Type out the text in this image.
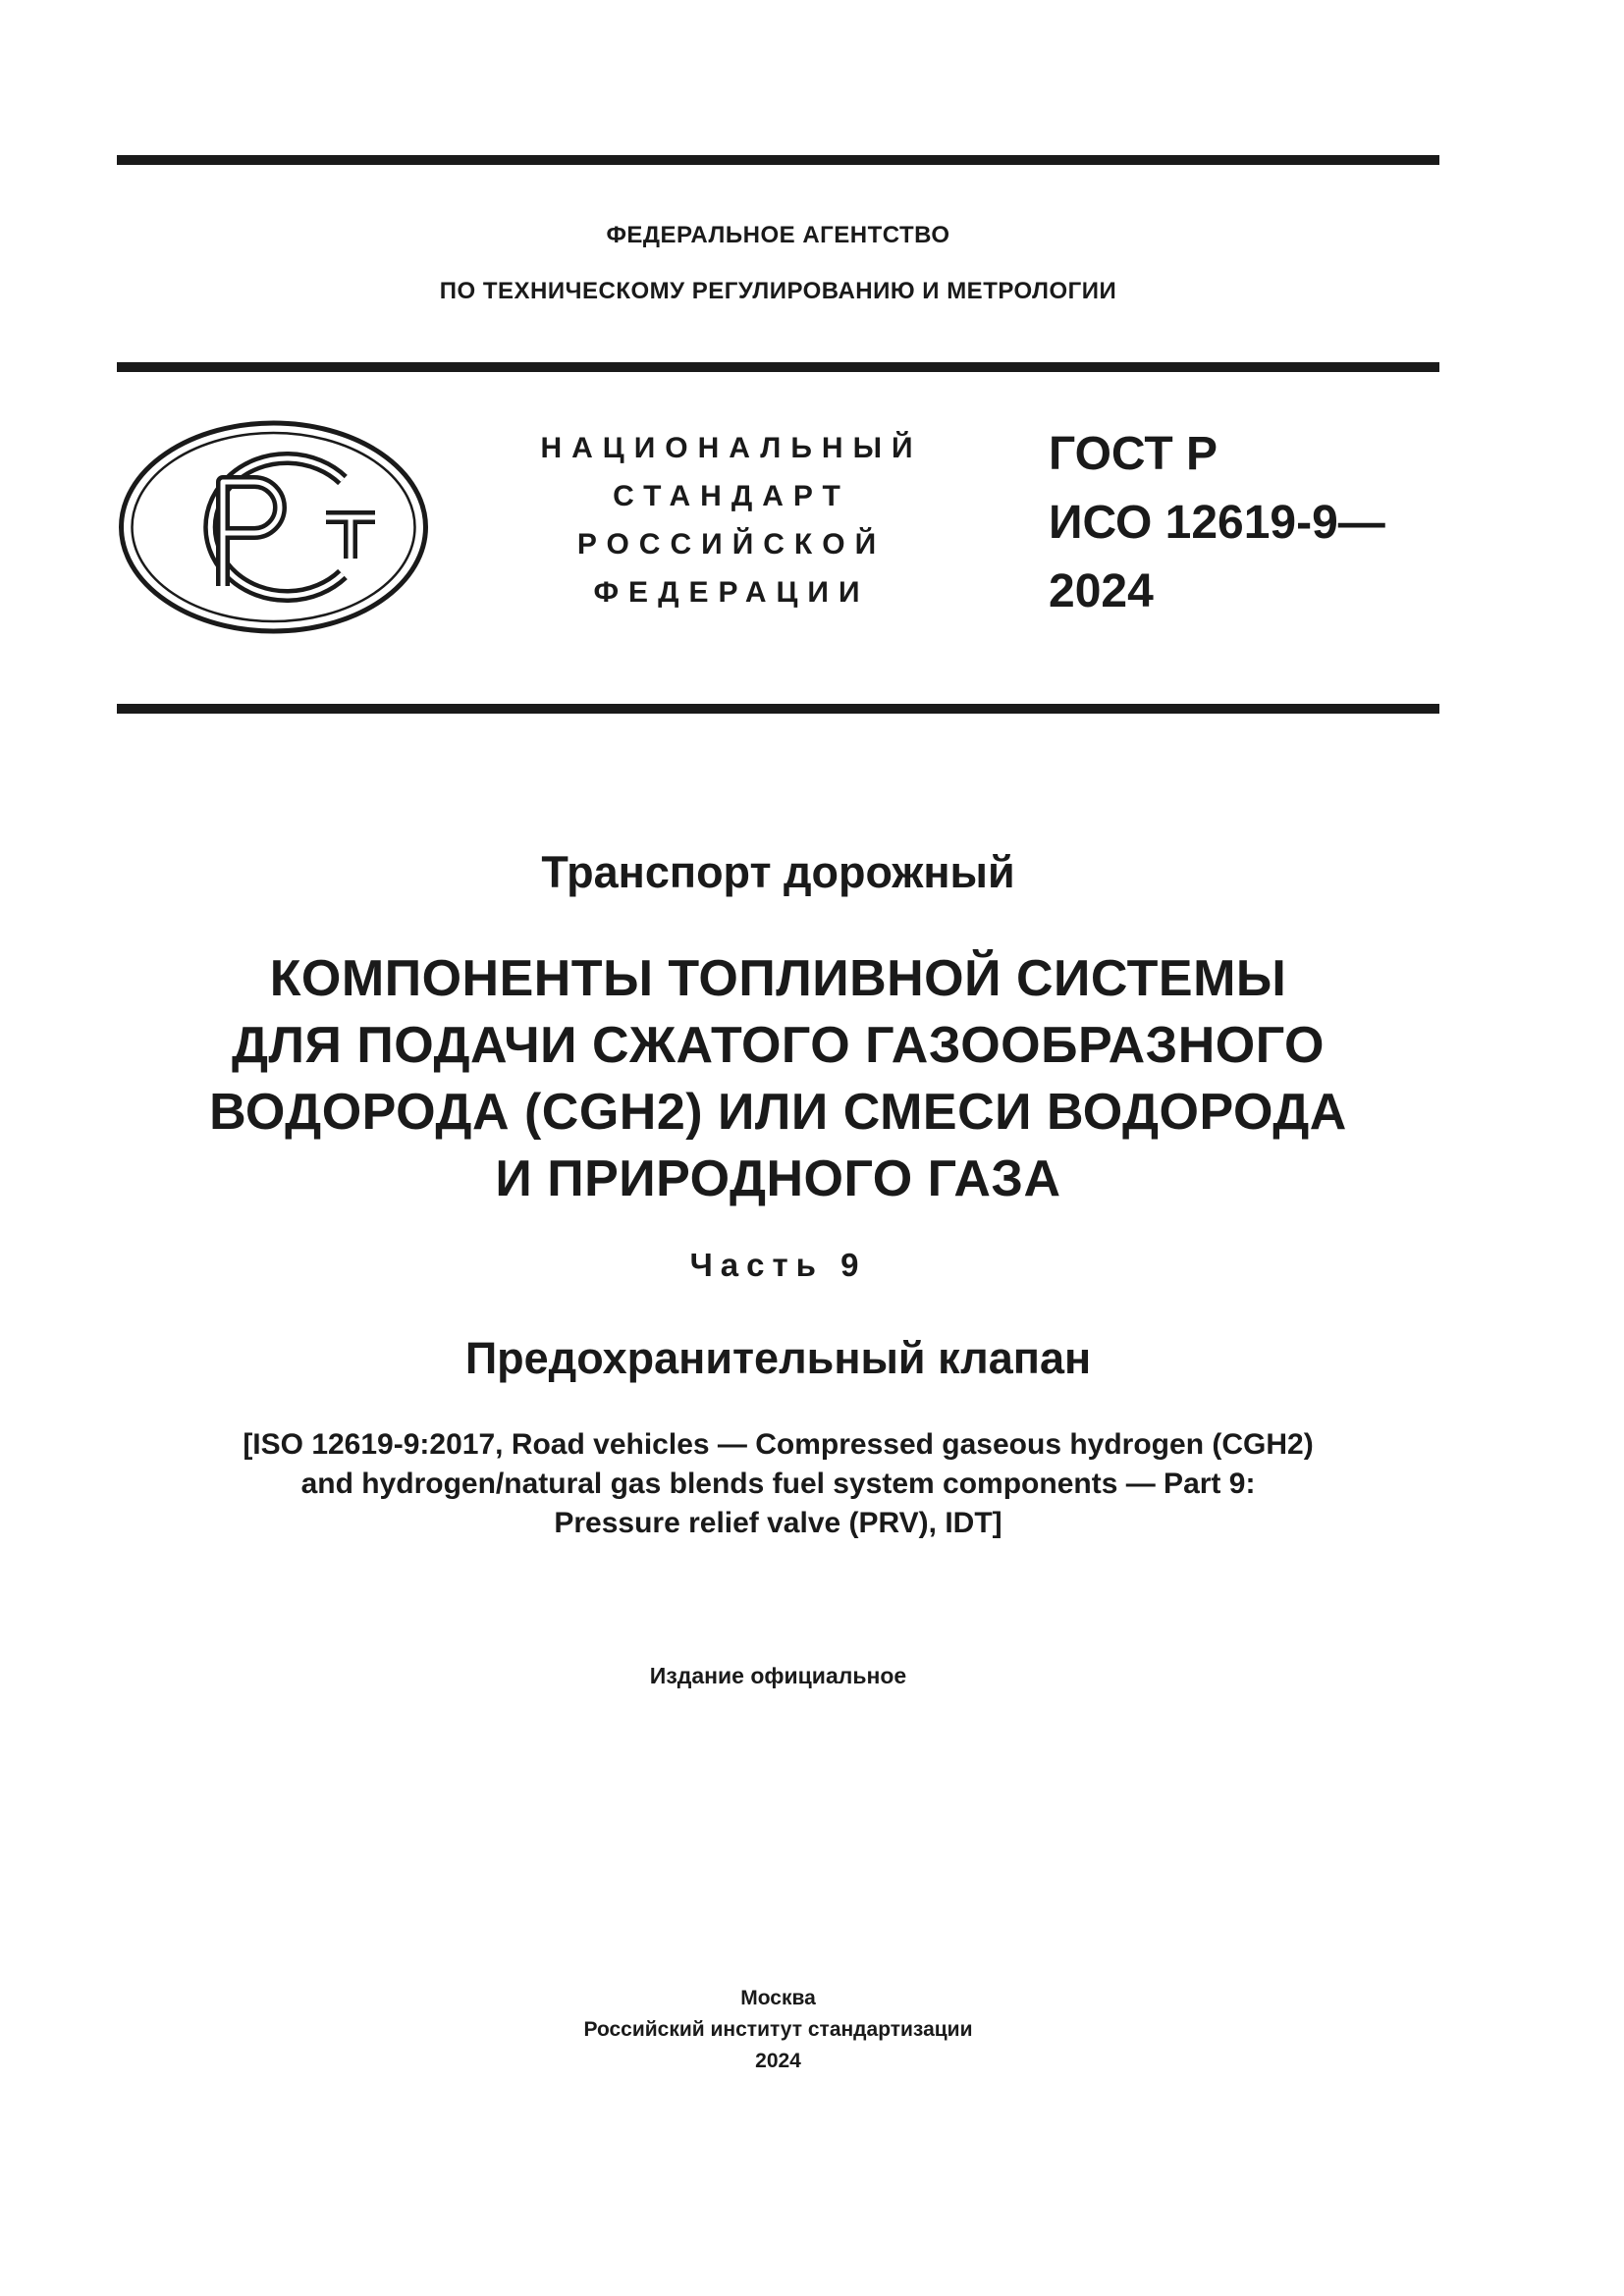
ФЕДЕРАЛЬНОЕ АГЕНТСТВО
ПО ТЕХНИЧЕСКОМУ РЕГУЛИРОВАНИЮ И МЕТРОЛОГИИ
НАЦИОНАЛЬНЫЙ
СТАНДАРТ
РОССИЙСКОЙ
ФЕДЕРАЦИИ
ГОСТ Р
ИСО 12619-9—
2024
Транспорт дорожный
КОМПОНЕНТЫ ТОПЛИВНОЙ СИСТЕМЫ
ДЛЯ ПОДАЧИ СЖАТОГО ГАЗООБРАЗНОГО
ВОДОРОДА (CGH2) ИЛИ СМЕСИ ВОДОРОДА
И ПРИРОДНОГО ГАЗА
Часть 9
Предохранительный клапан
[ISO 12619-9:2017, Road vehicles — Compressed gaseous hydrogen (CGH2)
and hydrogen/natural gas blends fuel system components — Part 9:
Pressure relief valve (PRV), IDT]
Издание официальное
Москва
Российский институт стандартизации
2024
